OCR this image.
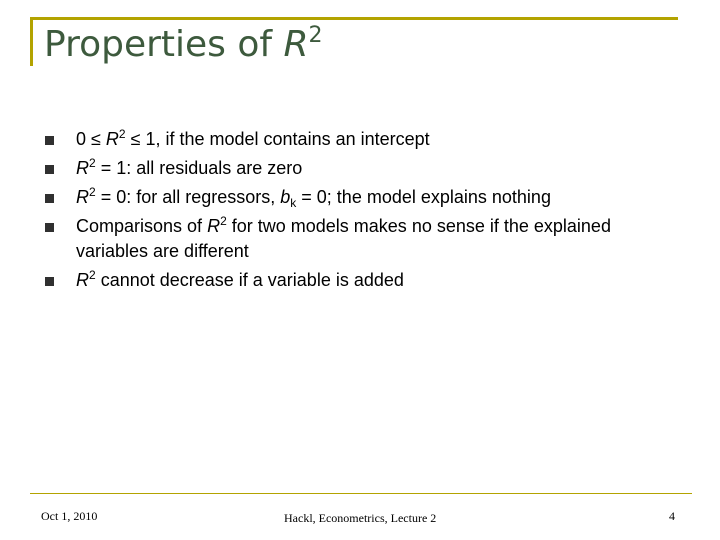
Properties of $R^2$
$0 \le R^2 \le 1$, if the model contains an intercept
$R^2 = 1$: all residuals are zero
$R^2 = 0$: for all regressors, $b_k = 0$; the model explains nothing
Comparisons of $R^2$ for two models makes no sense if the explained variables are different
$R^2$ cannot decrease if a variable is added
Oct 1, 2010	Hackl, Econometrics, Lecture 2	4
